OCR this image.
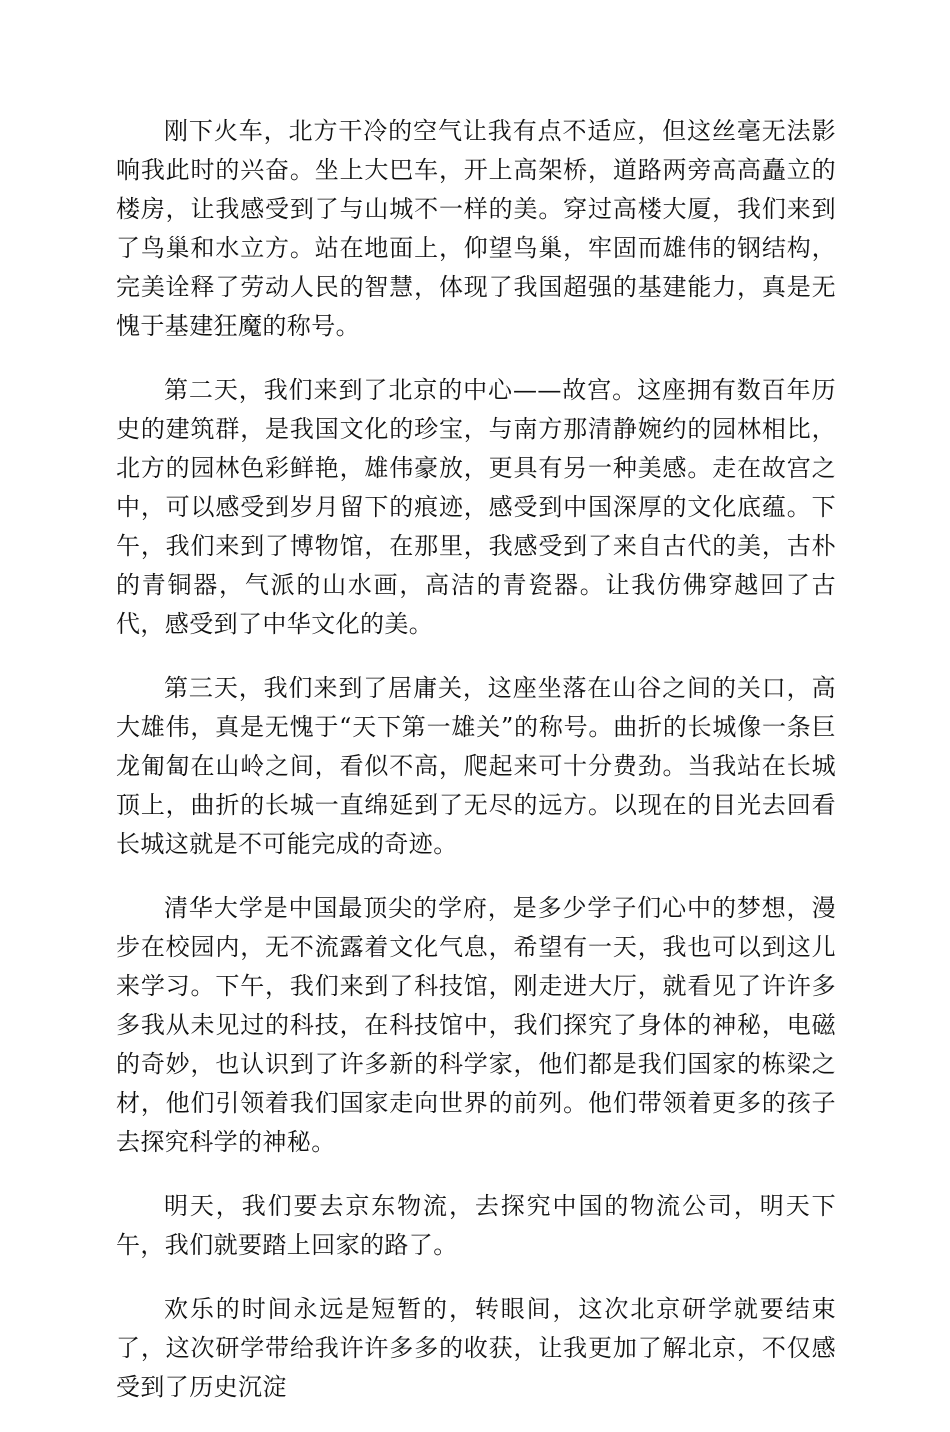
刚下火车，北方干冷的空气让我有点不适应，但这丝毫无法影响我此时的兴奋。坐上大巴车，开上高架桥，道路两旁高高矗立的楼房，让我感受到了与山城不一样的美。穿过高楼大厦，我们来到了鸟巢和水立方。站在地面上，仰望鸟巢，牢固而雄伟的钢结构，完美诠释了劳动人民的智慧，体现了我国超强的基建能力，真是无愧于基建狂魔的称号。

第二天，我们来到了北京的中心——故宫。这座拥有数百年历史的建筑群，是我国文化的珍宝，与南方那清静婉约的园林相比，北方的园林色彩鲜艳，雄伟豪放，更具有另一种美感。走在故宫之中，可以感受到岁月留下的痕迹，感受到中国深厚的文化底蕴。下午，我们来到了博物馆，在那里，我感受到了来自古代的美，古朴的青铜器，气派的山水画，高洁的青瓷器。让我仿佛穿越回了古代，感受到了中华文化的美。

第三天，我们来到了居庸关，这座坐落在山谷之间的关口，高大雄伟，真是无愧于“天下第一雄关”的称号。曲折的长城像一条巨龙匍匐在山岭之间，看似不高，爬起来可十分费劲。当我站在长城顶上，曲折的长城一直绵延到了无尽的远方。以现在的目光去回看长城这就是不可能完成的奇迹。

清华大学是中国最顶尖的学府，是多少学子们心中的梦想，漫步在校园内，无不流露着文化气息，希望有一天，我也可以到这儿来学习。下午，我们来到了科技馆，刚走进大厅，就看见了许许多多我从未见过的科技，在科技馆中，我们探究了身体的神秘，电磁的奇妙，也认识到了许多新的科学家，他们都是我们国家的栋梁之材，他们引领着我们国家走向世界的前列。他们带领着更多的孩子去探究科学的神秘。

明天，我们要去京东物流，去探究中国的物流公司，明天下午，我们就要踏上回家的路了。

欢乐的时间永远是短暂的，转眼间，这次北京研学就要结束了，这次研学带给我许许多多的收获，让我更加了解北京，不仅感受到了历史沉淀
